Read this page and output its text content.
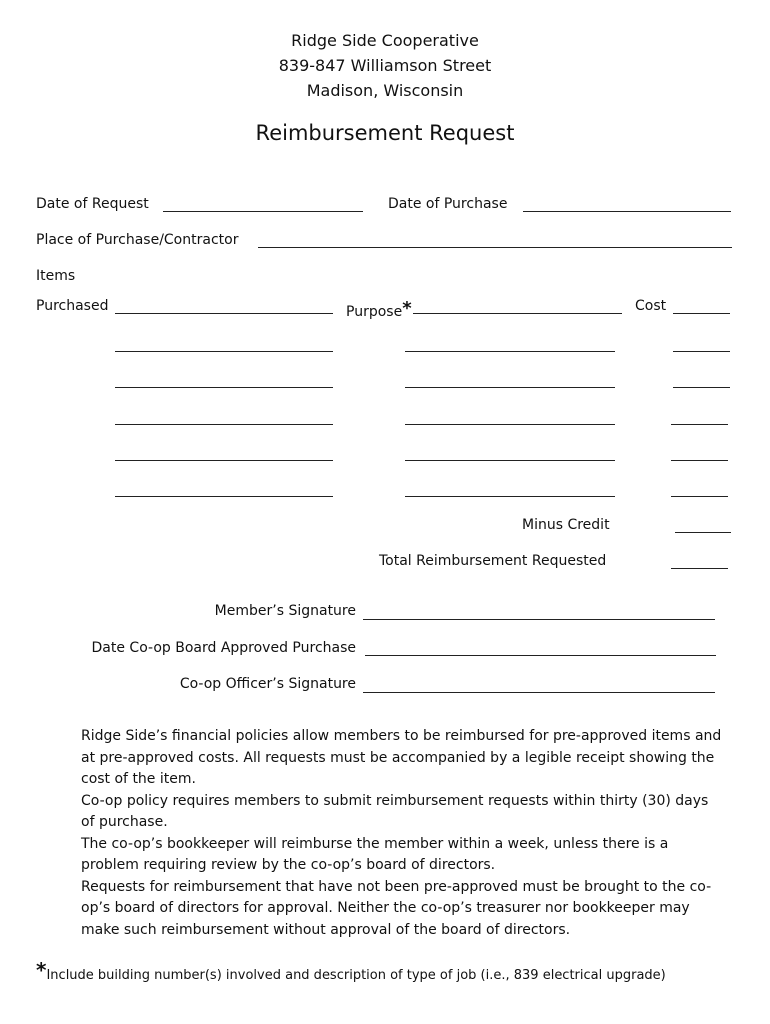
Ridge Side Cooperative
839-847 Williamson Street
Madison, Wisconsin
Reimbursement Request
Date of Request	Date of Purchase
Place of Purchase/Contractor
Items
Purchased	Purpose*	Cost
Minus Credit
Total Reimbursement Requested
Member’s Signature
Date Co-op Board Approved Purchase
Co-op Officer’s Signature

Ridge Side’s financial policies allow members to be reimbursed for pre-approved items and at pre-approved costs. All requests must be accompanied by a legible receipt showing the cost of the item.

Co-op policy requires members to submit reimbursement requests within thirty (30) days of purchase.

The co-op’s bookkeeper will reimburse the member within a week, unless there is a problem requiring review by the co-op’s board of directors.

Requests for reimbursement that have not been pre-approved must be brought to the co-op’s board of directors for approval. Neither the co-op’s treasurer nor bookkeeper may make such reimbursement without approval of the board of directors.

*Include building number(s) involved and description of type of job (i.e., 839 electrical upgrade)
